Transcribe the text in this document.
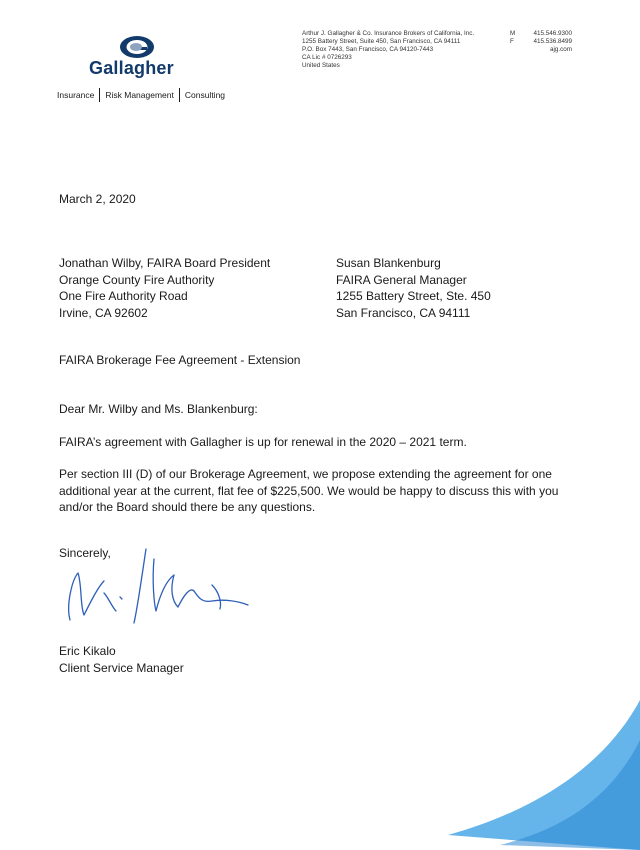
Gallagher
Insurance Risk Management Consulting
Arthur J. Gallagher & Co. Insurance Brokers of California, Inc.
1255 Battery Street, Suite 450, San Francisco, CA 94111
P.O. Box 7443, San Francisco, CA 94120-7443
CA Lic # 0726293
United States
M	415.546.9300
F	415.536.8499
ajg.com
March 2, 2020
Jonathan Wilby, FAIRA Board President
Orange County Fire Authority
One Fire Authority Road
Irvine, CA 92602
Susan Blankenburg
FAIRA General Manager
1255 Battery Street, Ste. 450
San Francisco, CA 94111
FAIRA Brokerage Fee Agreement - Extension
Dear Mr. Wilby and Ms. Blankenburg:
FAIRA’s agreement with Gallagher is up for renewal in the 2020 – 2021 term.
Per section III (D) of our Brokerage Agreement, we propose extending the agreement for one additional year at the current, flat fee of $225,500. We would be happy to discuss this with you and/or the Board should there be any questions.
Sincerely,
Eric Kikalo
Client Service Manager
